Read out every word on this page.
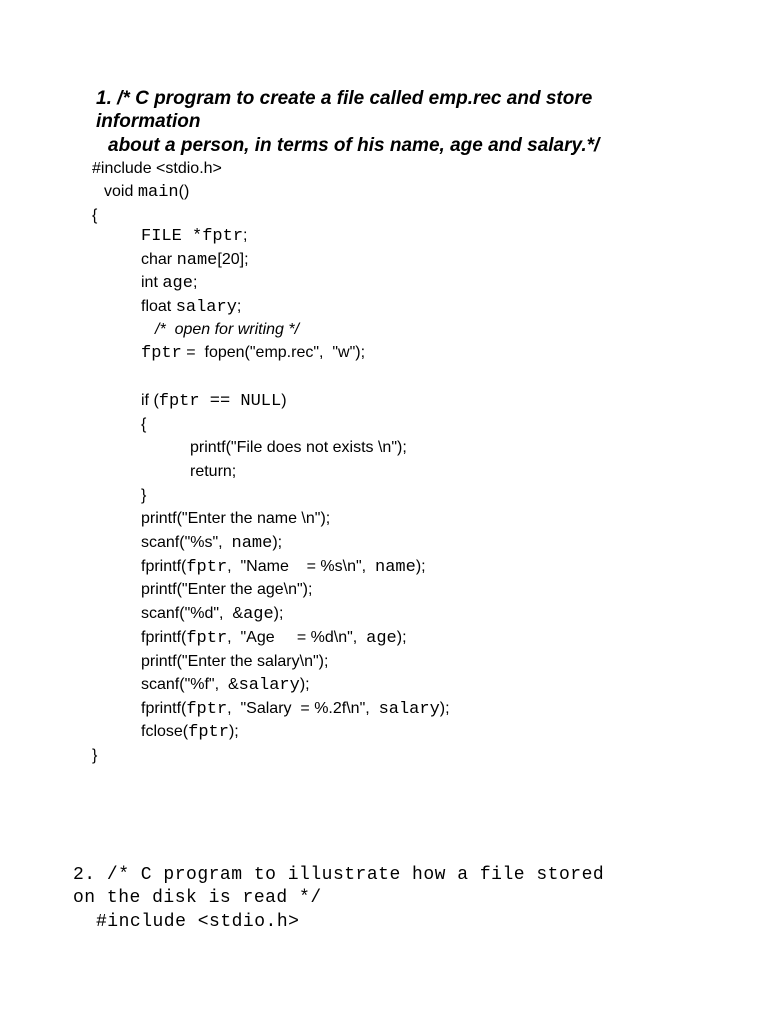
1. /* C program to create a file called emp.rec and store
information
about a person, in terms of his name, age and salary.*/
#include <stdio.h>
void main()
{
FILE *fptr;
char name[20];
int age;
float salary;
/*  open for writing */
fptr =  fopen("emp.rec",  "w");
if (fptr == NULL)
{
printf("File does not exists \n");
return;
}
printf("Enter the name \n");
scanf("%s",  name);
fprintf(fptr,  "Name    = %s\n",  name);
printf("Enter the age\n");
scanf("%d",  &age);
fprintf(fptr,  "Age     = %d\n",  age);
printf("Enter the salary\n");
scanf("%f",  &salary);
fprintf(fptr,  "Salary  = %.2f\n",  salary);
fclose(fptr);
}
2. /* C program to illustrate how a file stored
on the disk is read */
#include <stdio.h>
